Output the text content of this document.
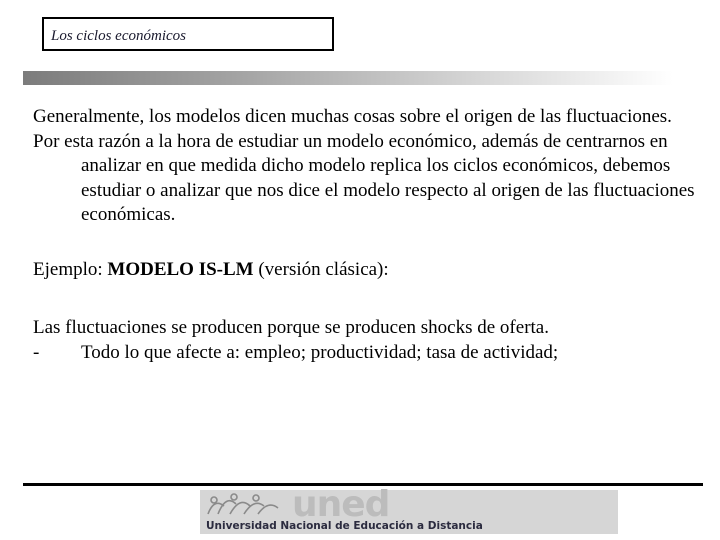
Los ciclos económicos

Generalmente, los modelos dicen muchas cosas sobre el origen de las fluctuaciones.

Por esta razón a la hora de estudiar un modelo económico, además de centrarnos en analizar en que medida dicho modelo replica los ciclos económicos, debemos estudiar o analizar que nos dice el modelo respecto al origen de las fluctuaciones económicas.

Ejemplo: MODELO IS-LM (versión clásica):

Las fluctuaciones se producen porque se producen shocks de oferta.

-	Todo lo que afecte a: empleo; productividad; tasa de actividad;
uned
Universidad Nacional de Educación a Distancia
